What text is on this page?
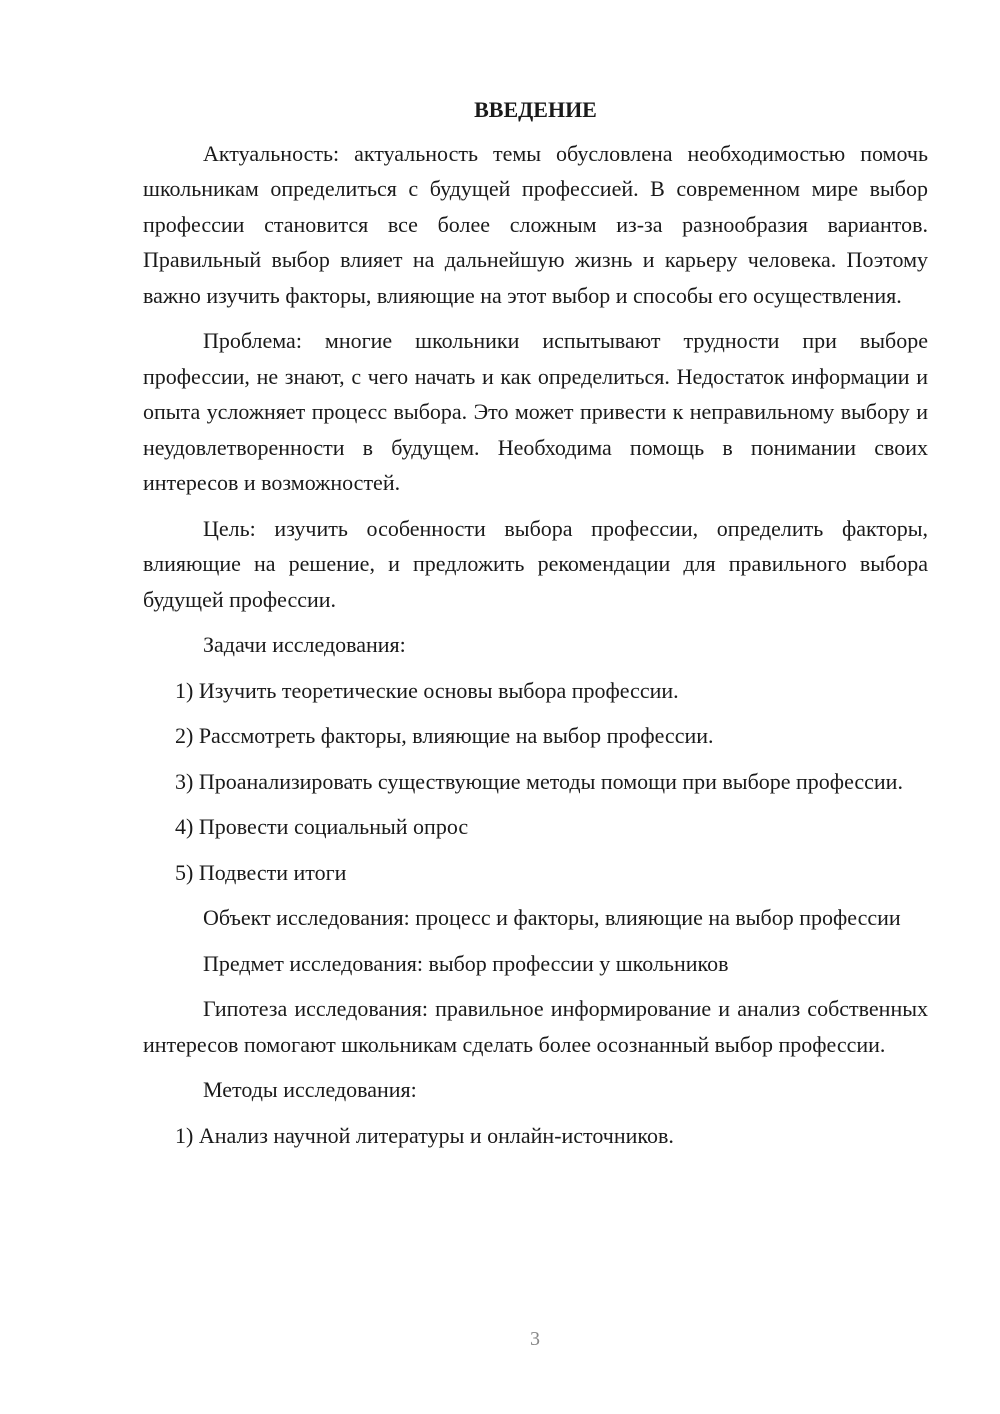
ВВЕДЕНИЕ

Актуальность: актуальность темы обусловлена необходимостью помочь школьникам определиться с будущей профессией. В современном мире выбор профессии становится все более сложным из-за разнообразия вариантов. Правильный выбор влияет на дальнейшую жизнь и карьеру человека. Поэтому важно изучить факторы, влияющие на этот выбор и способы его осуществления.

Проблема: многие школьники испытывают трудности при выборе профессии, не знают, с чего начать и как определиться. Недостаток информации и опыта усложняет процесс выбора. Это может привести к неправильному выбору и неудовлетворенности в будущем. Необходима помощь в понимании своих интересов и возможностей.

Цель: изучить особенности выбора профессии, определить факторы, влияющие на решение, и предложить рекомендации для правильного выбора будущей профессии.

Задачи исследования:

1) Изучить теоретические основы выбора профессии.

2) Рассмотреть факторы, влияющие на выбор профессии.

3) Проанализировать существующие методы помощи при выборе профессии.

4) Провести социальный опрос

5) Подвести итоги

Объект исследования: процесс и факторы, влияющие на выбор профессии

Предмет исследования: выбор профессии у школьников

Гипотеза исследования: правильное информирование и анализ собственных интересов помогают школьникам сделать более осознанный выбор профессии.

Методы исследования:

1) Анализ научной литературы и онлайн-источников.

3
